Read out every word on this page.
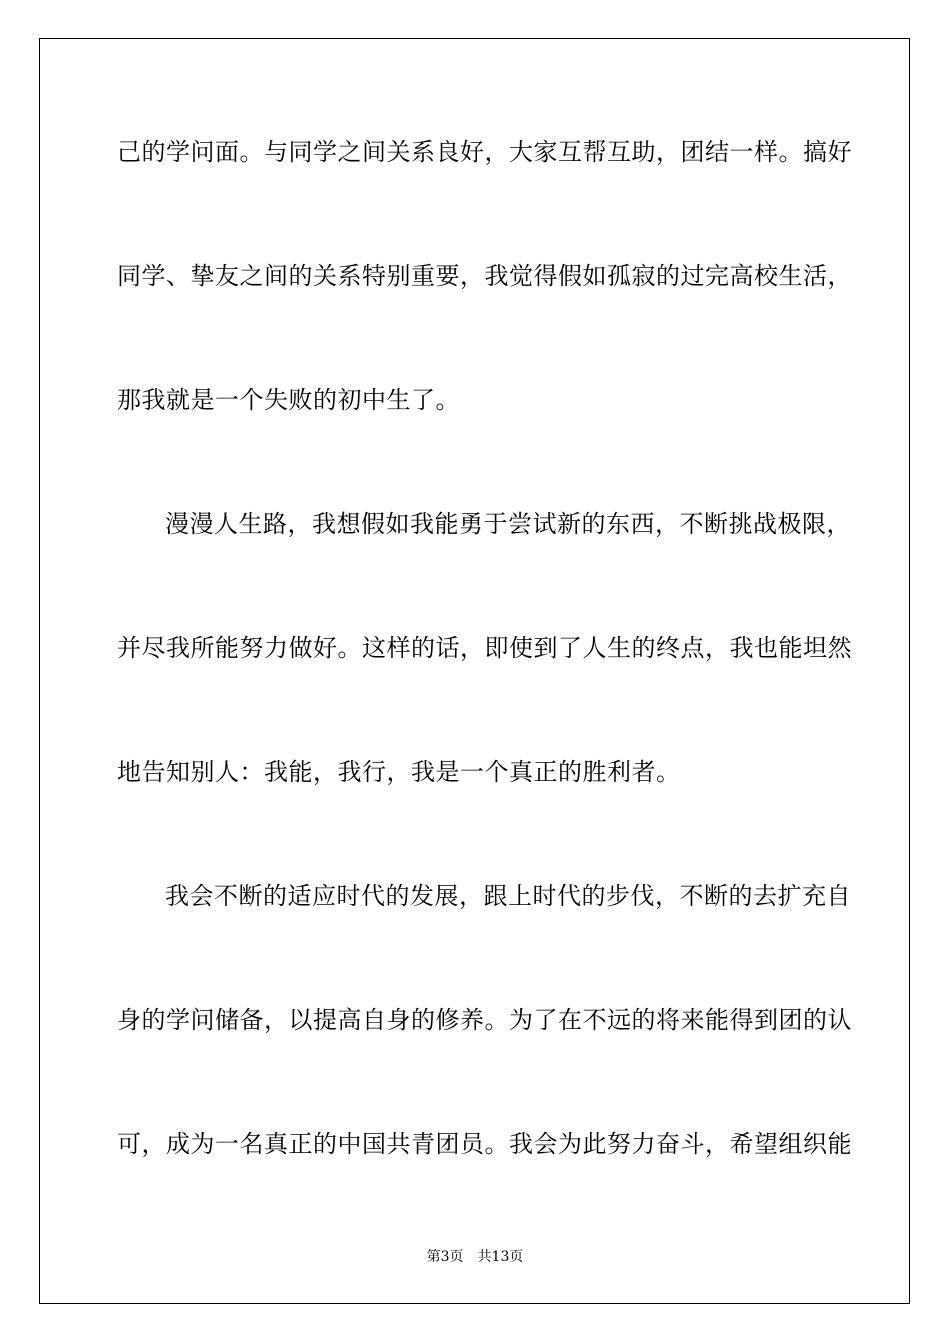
己的学问面。与同学之间关系良好，大家互帮互助，团结一样。搞好
同学、挚友之间的关系特别重要，我觉得假如孤寂的过完高校生活，
那我就是一个失败的初中生了。
漫漫人生路，我想假如我能勇于尝试新的东西，不断挑战极限，
并尽我所能努力做好。这样的话，即使到了人生的终点，我也能坦然
地告知别人：我能，我行，我是一个真正的胜利者。
我会不断的适应时代的发展，跟上时代的步伐，不断的去扩充自
身的学问储备，以提高自身的修养。为了在不远的将来能得到团的认
可，成为一名真正的中国共青团员。我会为此努力奋斗，希望组织能
第3页 共13页
